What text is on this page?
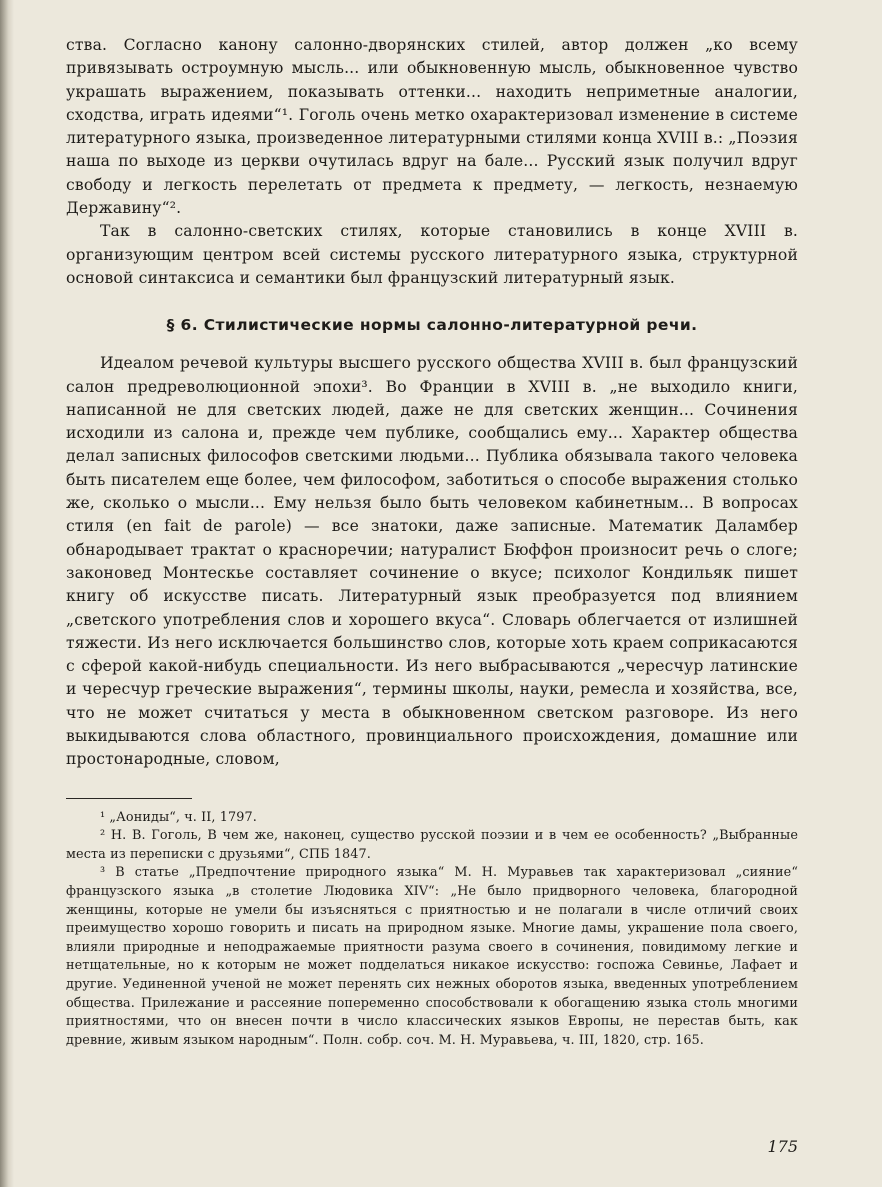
ства. Согласно канону салонно-дворянских стилей, автор должен „ко всему привязывать остроумную мысль... или обыкновенную мысль, обыкновенное чувство украшать выражением, показывать оттенки... находить неприметные аналогии, сходства, играть идеями“¹. Гоголь очень метко охарактеризовал изменение в системе литературного языка, произведенное литературными стилями конца XVIII в.: „Поэзия наша по выходе из церкви очутилась вдруг на бале... Русский язык получил вдруг свободу и легкость перелетать от предмета к предмету, — легкость, незнаемую Державину“².

Так в салонно-светских стилях, которые становились в конце XVIII в. организующим центром всей системы русского литературного языка, структурной основой синтаксиса и семантики был французский литературный язык.

§ 6. Стилистические нормы салонно-литературной речи.

Идеалом речевой культуры высшего русского общества XVIII в. был французский салон предреволюционной эпохи³. Во Франции в XVIII в. „не выходило книги, написанной не для светских людей, даже не для светских женщин... Сочинения исходили из салона и, прежде чем публике, сообщались ему... Характер общества делал записных философов светскими людьми... Публика обязывала такого человека быть писателем еще более, чем философом, заботиться о способе выражения столько же, сколько о мысли... Ему нельзя было быть человеком кабинетным... В вопросах стиля (en fait de parole) — все знатоки, даже записные. Математик Даламбер обнародывает трактат о красноречии; натуралист Бюффон произносит речь о слоге; законовед Монтескье составляет сочинение о вкусе; психолог Кондильяк пишет книгу об искусстве писать. Литературный язык преобразуется под влиянием „светского употребления слов и хорошего вкуса“. Словарь облегчается от излишней тяжести. Из него исключается большинство слов, которые хоть краем соприкасаются с сферой какой-нибудь специальности. Из него выбрасываются „чересчур латинские и чересчур греческие выражения“, термины школы, науки, ремесла и хозяйства, все, что не может считаться у места в обыкновенном светском разговоре. Из него выкидываются слова областного, провинциального происхождения, домашние или простонародные, словом,

¹ „Аониды“, ч. II, 1797.

² Н. В. Гоголь, В чем же, наконец, существо русской поэзии и в чем ее особенность? „Выбранные места из переписки с друзьями“, СПБ 1847.

³ В статье „Предпочтение природного языка“ М. Н. Муравьев так характеризовал „сияние“ французского языка „в столетие Людовика XIV“: „Не было придворного человека, благородной женщины, которые не умели бы изъясняться с приятностью и не полагали в числе отличий своих преимущество хорошо говорить и писать на природном языке. Многие дамы, украшение пола своего, влияли природные и неподражаемые приятности разума своего в сочинения, повидимому легкие и нетщательные, но к которым не может подделаться никакое искусство: госпожа Севинье, Лафает и другие. Уединенной ученой не может перенять сих нежных оборотов языка, введенных употреблением общества. Прилежание и рассеяние попеременно способствовали к обогащению языка столь многими приятностями, что он внесен почти в число классических языков Европы, не перестав быть, как древние, живым языком народным“. Полн. собр. соч. М. Н. Муравьева, ч. III, 1820, стр. 165.

175
